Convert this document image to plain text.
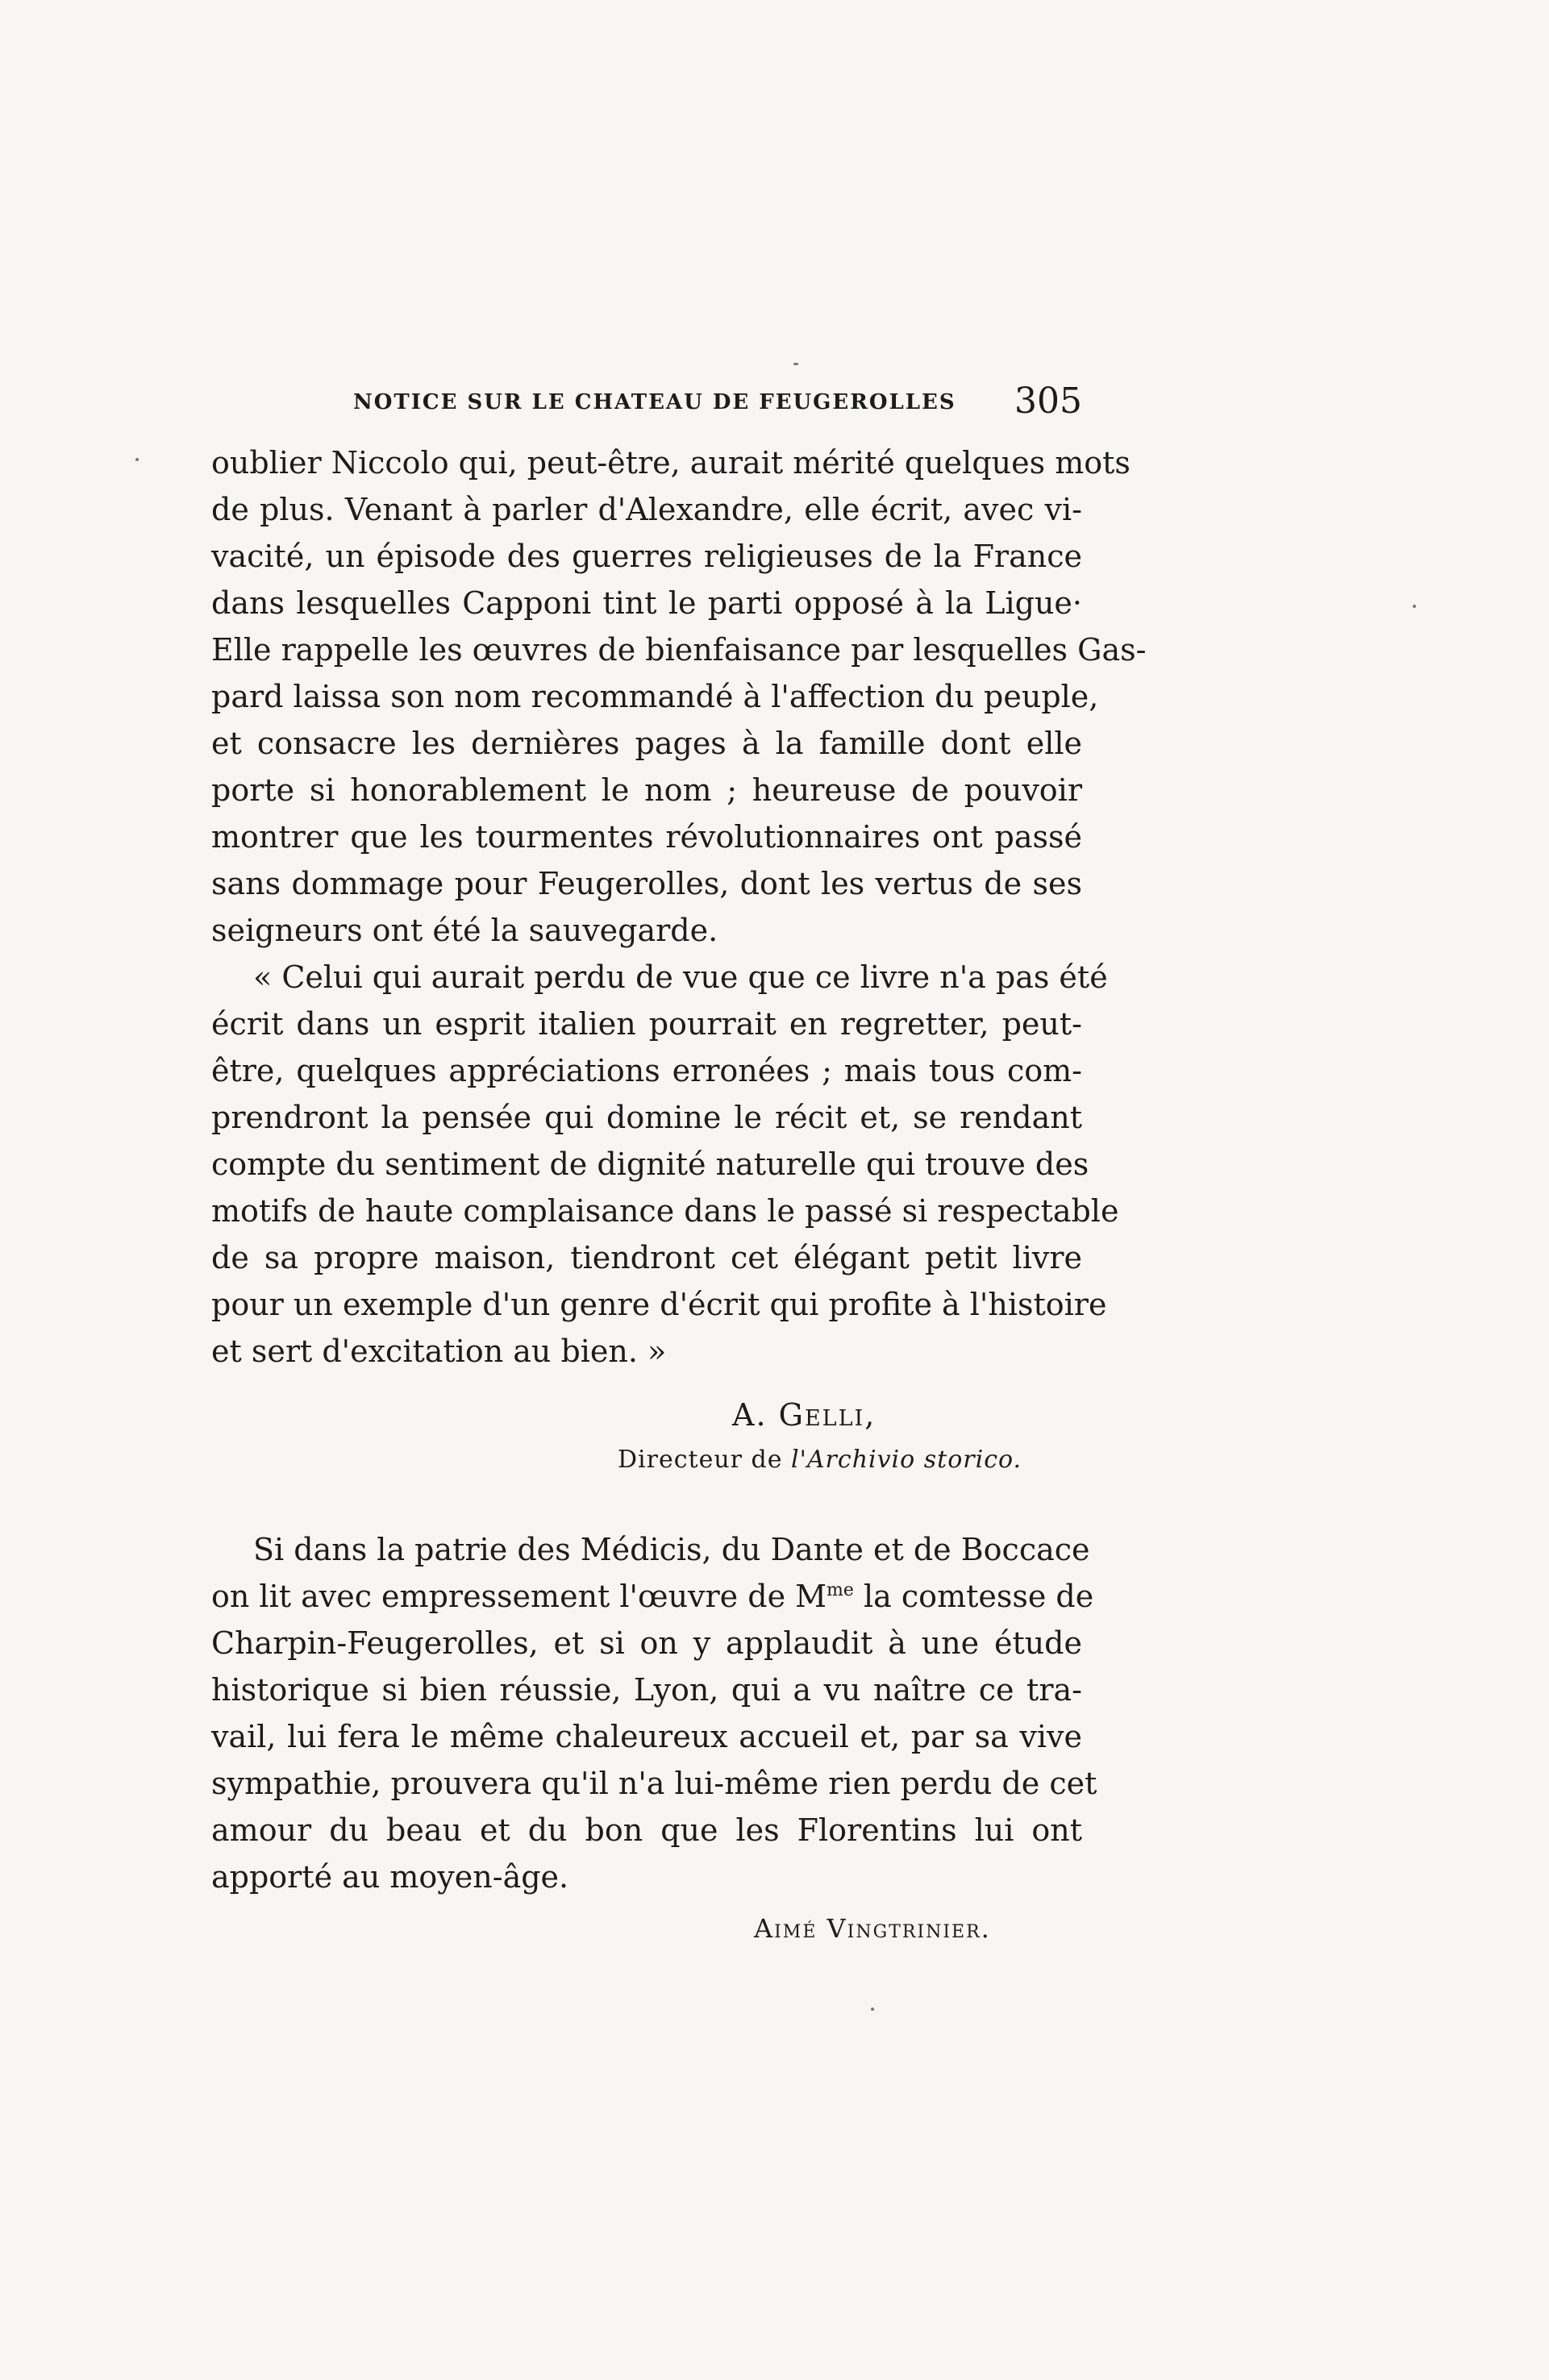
NOTICE SUR LE CHATEAU DE FEUGEROLLES 305
oublier Niccolo qui, peut-être, aurait mérité quelques mots
de plus. Venant à parler d'Alexandre, elle écrit, avec vi-
vacité, un épisode des guerres religieuses de la France
dans lesquelles Capponi tint le parti opposé à la Ligue·
Elle rappelle les œuvres de bienfaisance par lesquelles Gas-
pard laissa son nom recommandé à l'affection du peuple,
et consacre les dernières pages à la famille dont elle
porte si honorablement le nom ; heureuse de pouvoir
montrer que les tourmentes révolutionnaires ont passé
sans dommage pour Feugerolles, dont les vertus de ses
seigneurs ont été la sauvegarde.
« Celui qui aurait perdu de vue que ce livre n'a pas été
écrit dans un esprit italien pourrait en regretter, peut-
être, quelques appréciations erronées ; mais tous com-
prendront la pensée qui domine le récit et, se rendant
compte du sentiment de dignité naturelle qui trouve des
motifs de haute complaisance dans le passé si respectable
de sa propre maison, tiendront cet élégant petit livre
pour un exemple d'un genre d'écrit qui profite à l'histoire
et sert d'excitation au bien. »
A. Gelli,
Directeur de l'Archivio storico.
Si dans la patrie des Médicis, du Dante et de Boccace
on lit avec empressement l'œuvre de $M^{me}$ la comtesse de
Charpin-Feugerolles, et si on y applaudit à une étude
historique si bien réussie, Lyon, qui a vu naître ce tra-
vail, lui fera le même chaleureux accueil et, par sa vive
sympathie, prouvera qu'il n'a lui-même rien perdu de cet
amour du beau et du bon que les Florentins lui ont
apporté au moyen-âge.
Aimé Vingtrinier.
